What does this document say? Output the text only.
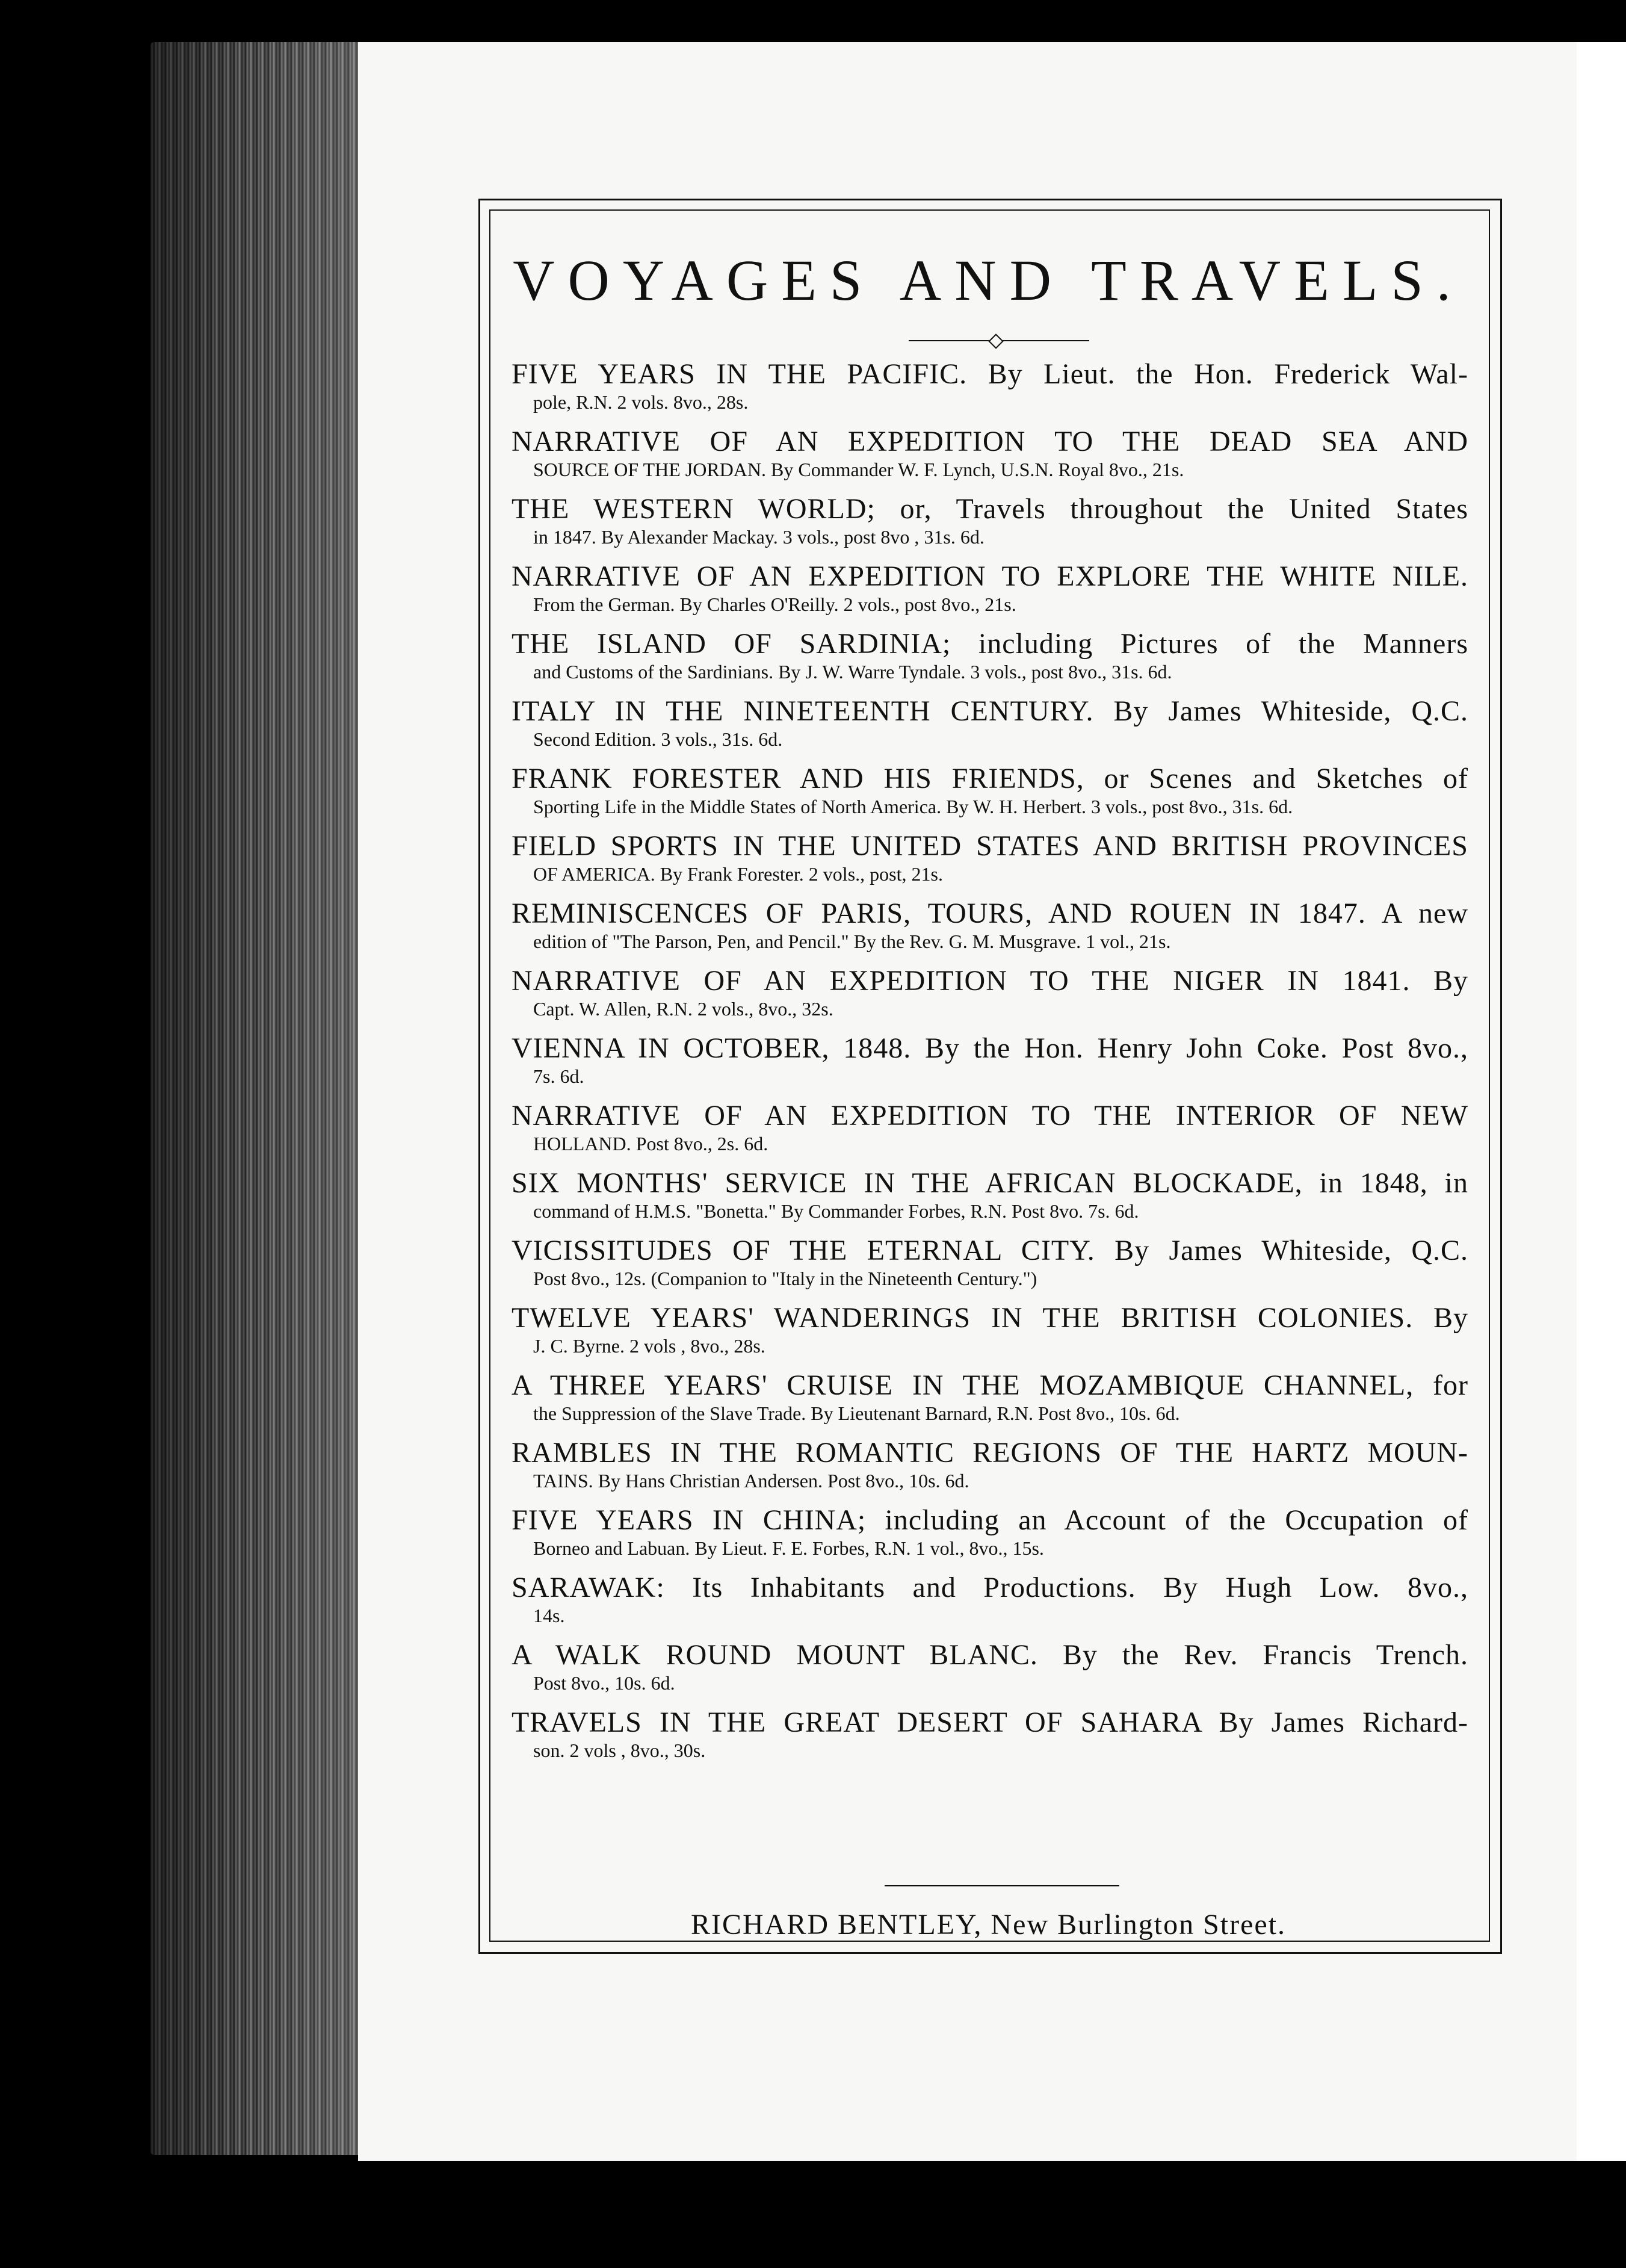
VOYAGES AND TRAVELS.
FIVE YEARS IN THE PACIFIC. By Lieut. the Hon. Frederick Wal-
pole, R.N. 2 vols. 8vo., 28s.
NARRATIVE OF AN EXPEDITION TO THE DEAD SEA AND
SOURCE OF THE JORDAN. By Commander W. F. Lynch, U.S.N. Royal 8vo., 21s.
THE WESTERN WORLD; or, Travels throughout the United States
in 1847. By Alexander Mackay. 3 vols., post 8vo , 31s. 6d.
NARRATIVE OF AN EXPEDITION TO EXPLORE THE WHITE NILE.
From the German. By Charles O'Reilly. 2 vols., post 8vo., 21s.
THE ISLAND OF SARDINIA; including Pictures of the Manners
and Customs of the Sardinians. By J. W. Warre Tyndale. 3 vols., post 8vo., 31s. 6d.
ITALY IN THE NINETEENTH CENTURY. By James Whiteside, Q.C.
Second Edition. 3 vols., 31s. 6d.
FRANK FORESTER AND HIS FRIENDS, or Scenes and Sketches of
Sporting Life in the Middle States of North America. By W. H. Herbert. 3 vols., post 8vo., 31s. 6d.
FIELD SPORTS IN THE UNITED STATES AND BRITISH PROVINCES
OF AMERICA. By Frank Forester. 2 vols., post, 21s.
REMINISCENCES OF PARIS, TOURS, AND ROUEN IN 1847. A new
edition of "The Parson, Pen, and Pencil." By the Rev. G. M. Musgrave. 1 vol., 21s.
NARRATIVE OF AN EXPEDITION TO THE NIGER IN 1841. By
Capt. W. Allen, R.N. 2 vols., 8vo., 32s.
VIENNA IN OCTOBER, 1848. By the Hon. Henry John Coke. Post 8vo.,
7s. 6d.
NARRATIVE OF AN EXPEDITION TO THE INTERIOR OF NEW
HOLLAND. Post 8vo., 2s. 6d.
SIX MONTHS' SERVICE IN THE AFRICAN BLOCKADE, in 1848, in
command of H.M.S. "Bonetta." By Commander Forbes, R.N. Post 8vo. 7s. 6d.
VICISSITUDES OF THE ETERNAL CITY. By James Whiteside, Q.C.
Post 8vo., 12s. (Companion to "Italy in the Nineteenth Century.")
TWELVE YEARS' WANDERINGS IN THE BRITISH COLONIES. By
J. C. Byrne. 2 vols , 8vo., 28s.
A THREE YEARS' CRUISE IN THE MOZAMBIQUE CHANNEL, for
the Suppression of the Slave Trade. By Lieutenant Barnard, R.N. Post 8vo., 10s. 6d.
RAMBLES IN THE ROMANTIC REGIONS OF THE HARTZ MOUN-
TAINS. By Hans Christian Andersen. Post 8vo., 10s. 6d.
FIVE YEARS IN CHINA; including an Account of the Occupation of
Borneo and Labuan. By Lieut. F. E. Forbes, R.N. 1 vol., 8vo., 15s.
SARAWAK: Its Inhabitants and Productions. By Hugh Low. 8vo.,
14s.
A WALK ROUND MOUNT BLANC. By the Rev. Francis Trench.
Post 8vo., 10s. 6d.
TRAVELS IN THE GREAT DESERT OF SAHARA By James Richard-
son. 2 vols , 8vo., 30s.
RICHARD BENTLEY, New Burlington Street.
